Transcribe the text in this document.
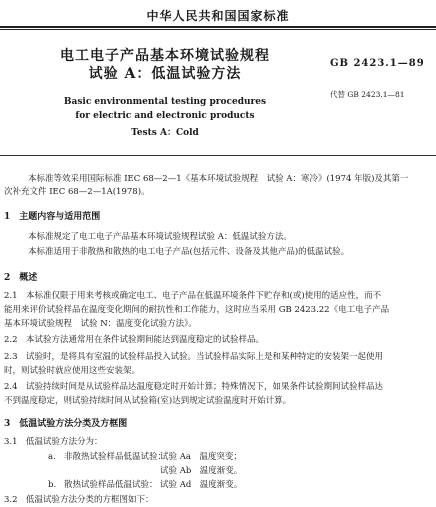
中华人民共和国国家标准
电工电子产品基本环境试验规程
试验 A：低温试验方法
GB 2423.1—89
代替 GB 2423.1—81
Basic environmental testing procedures
for electric and electronic products
Tests A：Cold
本标准等效采用国际标准 IEC 68—2—1《基本环境试验规程　试验 A：寒冷》(1974 年版)及其第一
次补充文件 IEC 68—2—1A(1978)。
1　主题内容与适用范围
本标准规定了电工电子产品基本环境试验规程试验 A：低温试验方法。
本标准适用于非散热和散热的电工电子产品(包括元件、设备及其他产品)的低温试验。
2　概述
2.1　本标准仅限于用来考核或确定电工、电子产品在低温环境条件下贮存和(或)使用的适应性，而不
能用来评价试验样品在温度变化期间的耐抗性和工作能力，这时应当采用 GB 2423.22《电工电子产品
基本环境试验规程　试验 N：温度变化试验方法》。
2.2　本试验方法通常用在条件试验期间能达到温度稳定的试验样品。
2.3　试验时，是将具有室温的试验样品投入试验。当试验样品实际上是和某种特定的安装架一起使用
时，则试验时就应使用这些安装架。
2.4　试验持续时间是从试验样品达温度稳定时开始计算；特殊情况下，如果条件试验期间试验样品达
不到温度稳定，则试验持续时间从试验箱(室)达到规定试验温度时开始计算。
3　低温试验方法分类及方框图
3.1　低温试验方法分为：
a. 非散热试验样品低温试验：
试验 Aa　温度突变；
试验 Ab　温度渐变。
b. 散热试验样品低温试验： 试验 Ad　温度渐变。
3.2　低温试验方法分类的方框图如下：
